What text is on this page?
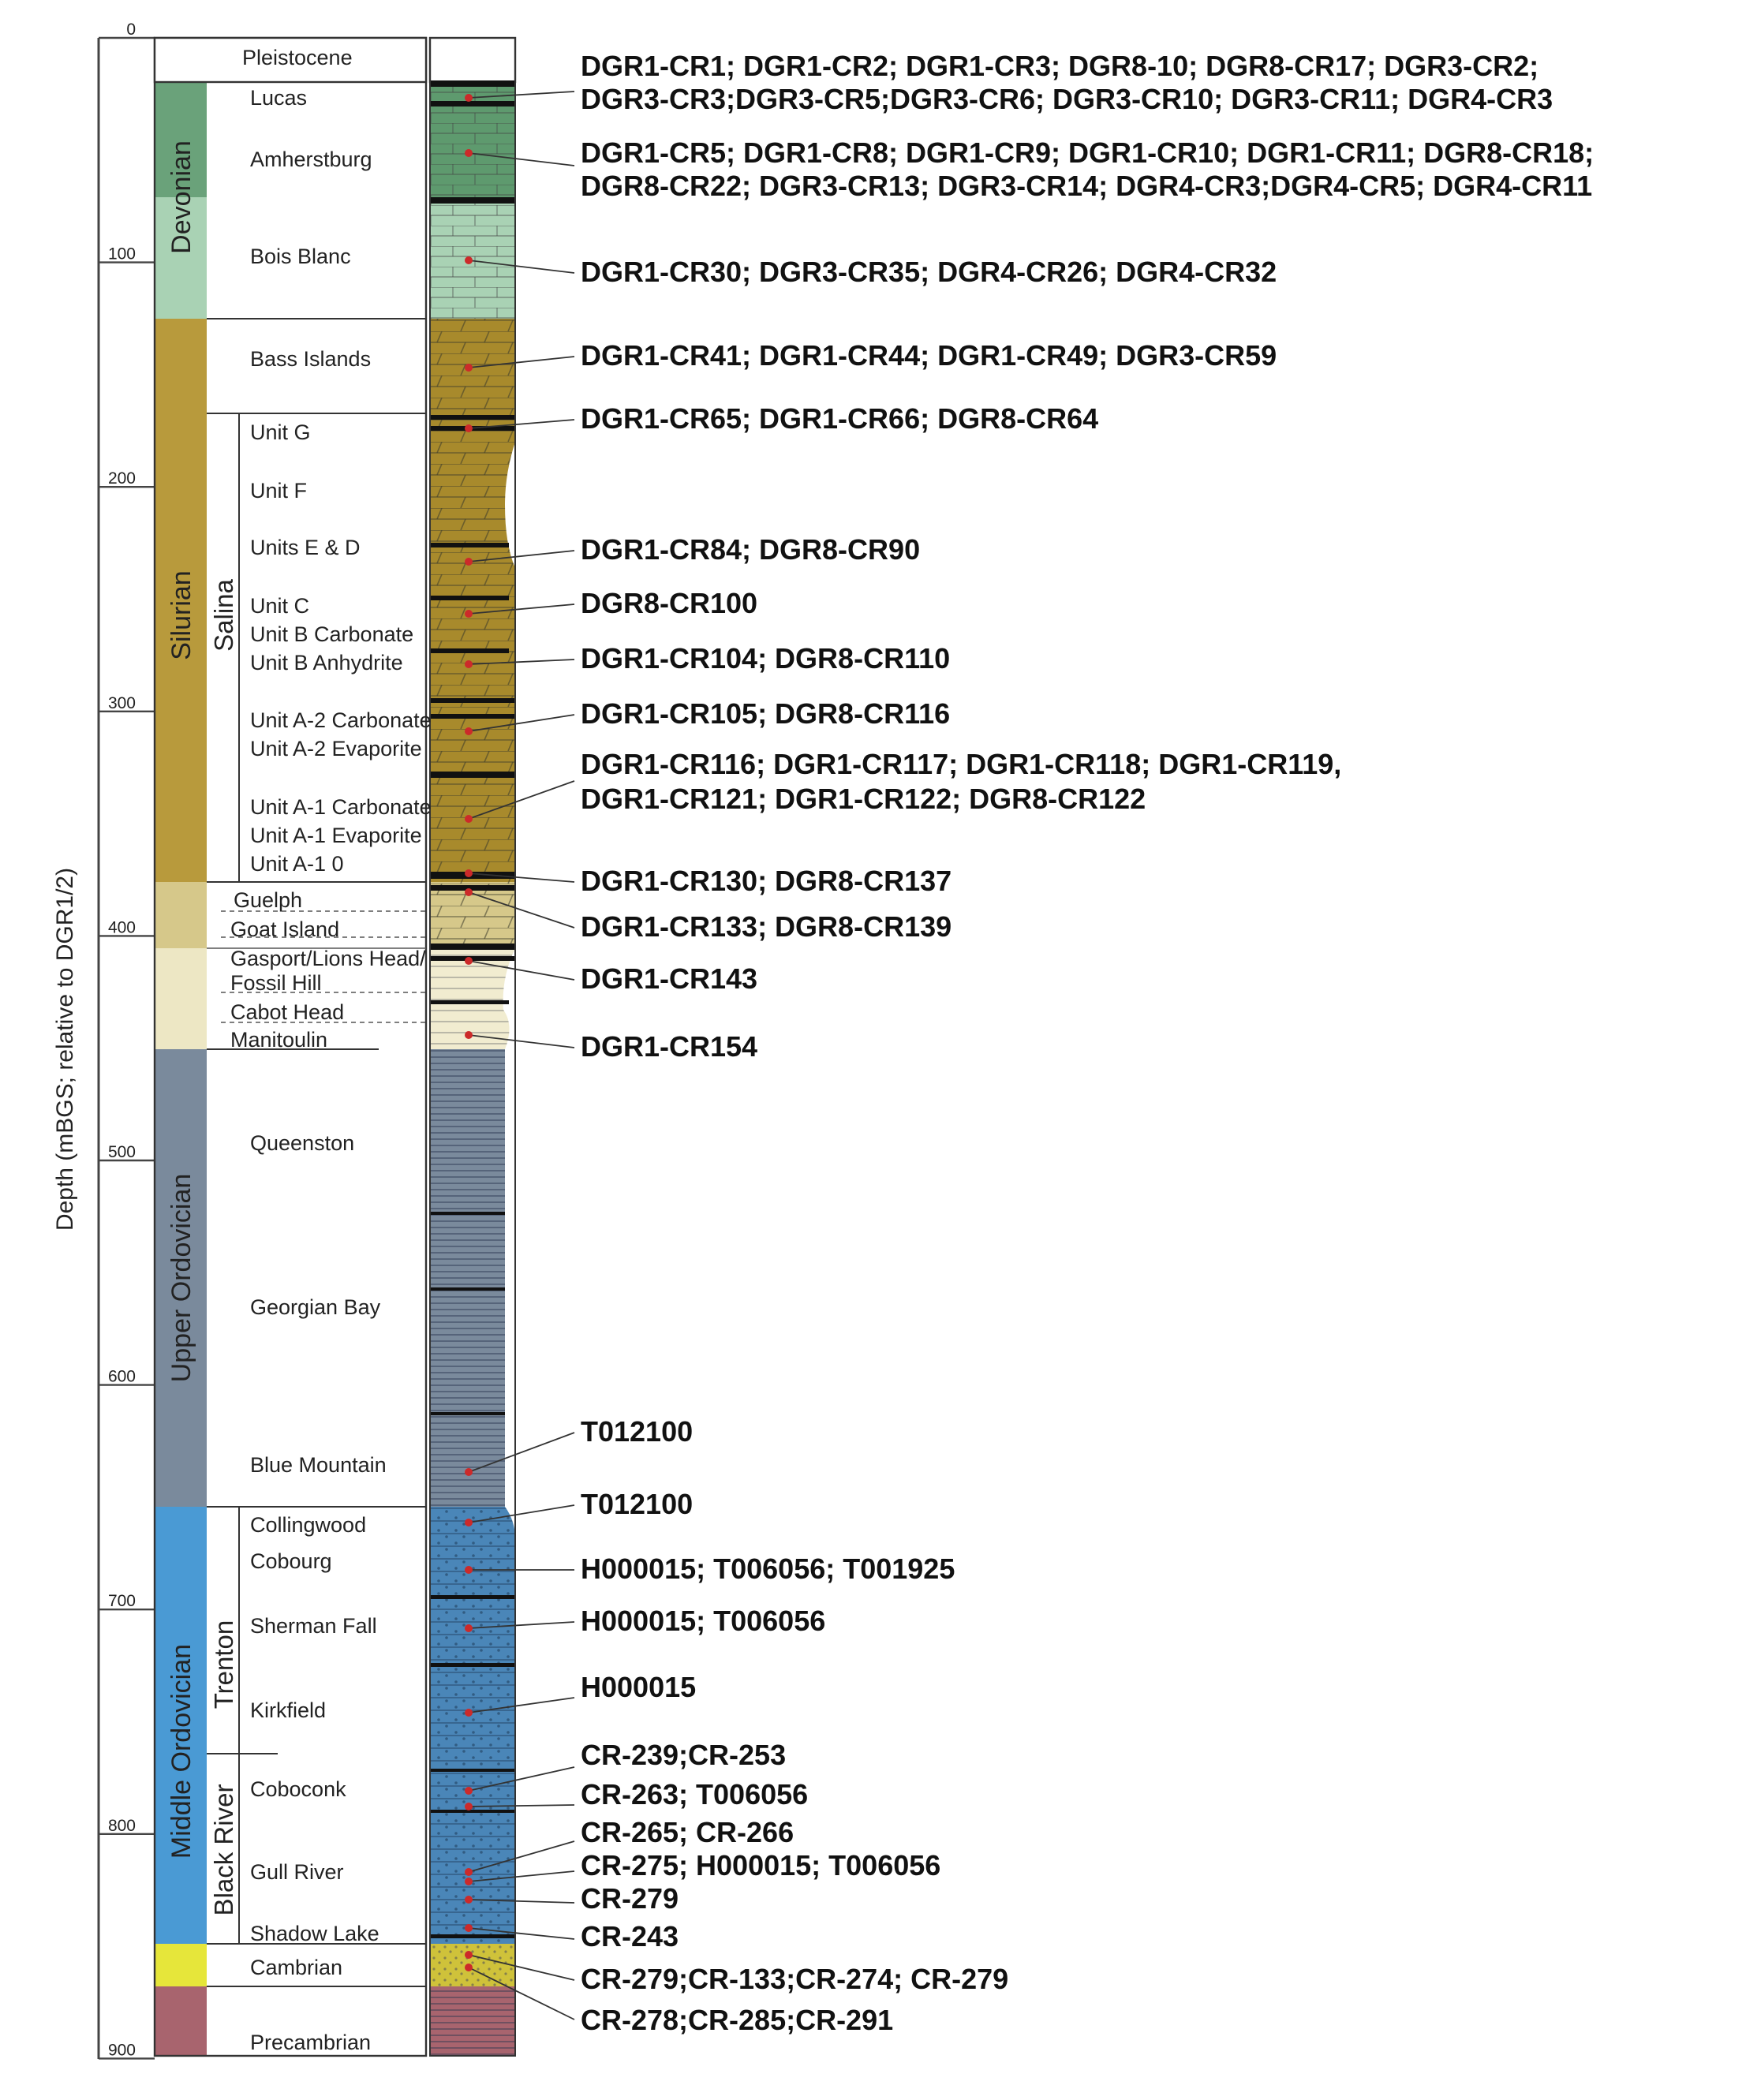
0
100
200
300
400
500
600
700
800
900
Depth (mBGS; relative to DGR1/2)
Devonian
Silurian
Upper Ordovician
Middle Ordovician
Salina
Trenton
Black River
Pleistocene
Lucas
Amherstburg
Bois Blanc
Bass Islands
Unit G
Unit F
Units E & D
Unit C
Unit B Carbonate
Unit B Anhydrite
Unit A-2 Carbonate
Unit A-2 Evaporite
Unit A-1 Carbonate
Unit A-1 Evaporite
Unit A-1 0
Guelph
Goat Island
Gasport/Lions Head/
Fossil Hill
Cabot Head
Manitoulin
Queenston
Georgian Bay
Blue Mountain
Collingwood
Cobourg
Sherman Fall
Kirkfield
Coboconk
Gull River
Shadow Lake
Cambrian
Precambrian
DGR1-CR1; DGR1-CR2; DGR1-CR3; DGR8-10; DGR8-CR17; DGR3-CR2;
DGR3-CR3;DGR3-CR5;DGR3-CR6; DGR3-CR10; DGR3-CR11; DGR4-CR3
DGR1-CR5; DGR1-CR8; DGR1-CR9; DGR1-CR10; DGR1-CR11; DGR8-CR18;
DGR8-CR22; DGR3-CR13; DGR3-CR14; DGR4-CR3;DGR4-CR5; DGR4-CR11
DGR1-CR30; DGR3-CR35; DGR4-CR26; DGR4-CR32
DGR1-CR41; DGR1-CR44; DGR1-CR49; DGR3-CR59
DGR1-CR65; DGR1-CR66; DGR8-CR64
DGR1-CR84; DGR8-CR90
DGR8-CR100
DGR1-CR104; DGR8-CR110
DGR1-CR105; DGR8-CR116
DGR1-CR116; DGR1-CR117; DGR1-CR118; DGR1-CR119,
DGR1-CR121; DGR1-CR122; DGR8-CR122
DGR1-CR130; DGR8-CR137
DGR1-CR133; DGR8-CR139
DGR1-CR143
DGR1-CR154
T012100
T012100
H000015; T006056; T001925
H000015; T006056
H000015
CR-239;CR-253
CR-263; T006056
CR-265; CR-266
CR-275; H000015; T006056
CR-279
CR-243
CR-279;CR-133;CR-274; CR-279
CR-278;CR-285;CR-291
